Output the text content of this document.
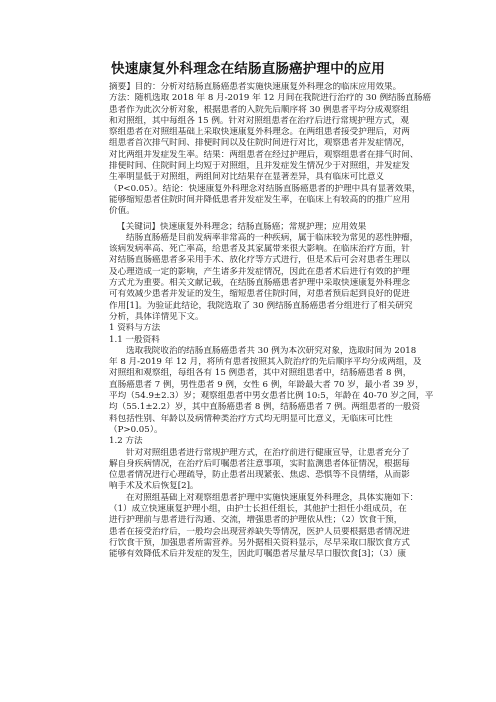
快速康复外科理念在结肠直肠癌护理中的应用
摘要】目的：分析对结肠直肠癌患者实施快速康复外科理念的临床应用效果。
方法：随机选取 2018 年 8 月-2019 年 12 月间在我院进行治疗的 30 例结肠直肠癌
患者作为此次分析对象，根据患者的入院先后顺序将 30 例患者平均分成观察组
和对照组，其中每组各 15 例。针对对照组患者在治疗后进行常规护理方式，观
察组患者在对照组基础上采取快速康复外科理念。在两组患者接受护理后，对两
组患者首次排气时间、排便时间以及住院时间进行对比，观察患者并发症情况，
对比两组并发症发生率。结果：两组患者在经过护理后，观察组患者在排气时间、
排便时间、住院时间上均短于对照组，且并发症发生情况少于对照组，并发症发
生率明显低于对照组，两组间对比结果存在显著差异，具有临床可比意义
（P<0.05）。结论：快速康复外科理念对结肠直肠癌患者的护理中具有显著效果，
能够缩短患者住院时间并降低患者并发症发生率，在临床上有较高的的推广应用
价值。
【关键词】快速康复外科理念；结肠直肠癌；常规护理；应用效果
结肠直肠癌是目前发病率非常高的一种疾病，属于临床较为常见的恶性肿瘤，
该病发病率高、死亡率高，给患者及其家属带来很大影响。在临床治疗方面，针
对结肠直肠癌患者多采用手术、放化疗等方式进行，但是术后可会对患者生理以
及心理造成一定的影响，产生诸多并发症情况，因此在患者术后进行有效的护理
方式尤为重要。相关文献记载，在结肠直肠癌患者护理中采取快速康复外科理念
可有效减少患者并发证的发生，缩短患者住院时间，对患者预后起到良好的促进
作用[1]。为验证此结论，我院选取了 30 例结肠直肠癌患者分组进行了相关研究
分析，具体详情见下文。
1 资料与方法
1.1 一般资料
选取我院收治的结肠直肠癌患者共 30 例为本次研究对象，选取时间为 2018
年 8 月-2019 年 12 月，将所有患者按照其入院治疗的先后顺序平均分成两组，及
对照组和观察组，每组各有 15 例患者，其中对照组患者中，结肠癌患者 8 例，
直肠癌患者 7 例，男性患者 9 例，女性 6 例，年龄最大者 70 岁，最小者 39 岁，
平均（54.9±2.3）岁；观察组患者中男女患者比例 10:5，年龄在 40-70 岁之间，平
均（55.1±2.2）岁，其中直肠癌患者 8 例，结肠癌患者 7 例。两组患者的一般资
料包括性别、年龄以及病情种类治疗方式均无明显可比意义，无临床可比性
（P>0.05）。
1.2 方法
针对对照组患者进行常规护理方式，在治疗前进行健康宣导，让患者充分了
解自身疾病情况，在治疗后叮嘱患者注意事项，实时监测患者体征情况，根据每
位患者情况进行心理疏导，防止患者出现紧张、焦虑、恐惧等不良情绪，从而影
响手术及术后恢复[2]。
在对照组基础上对观察组患者护理中实施快速康复外科理念，具体实施如下：
（1）成立快速康复护理小组，由护士长担任组长，其他护士担任小组成员，在
进行护理前与患者进行沟通、交流，增强患者的护理依从性；（2）饮食干预，
患者在接受治疗后，一般均会出现营养缺失等情况，医护人员要根据患者情况进
行饮食干预，加强患者所需营养。另外据相关资料显示，尽早采取口服饮食方式
能够有效降低术后并发症的发生，因此叮嘱患者尽量尽早口服饮食[3]；（3）康
